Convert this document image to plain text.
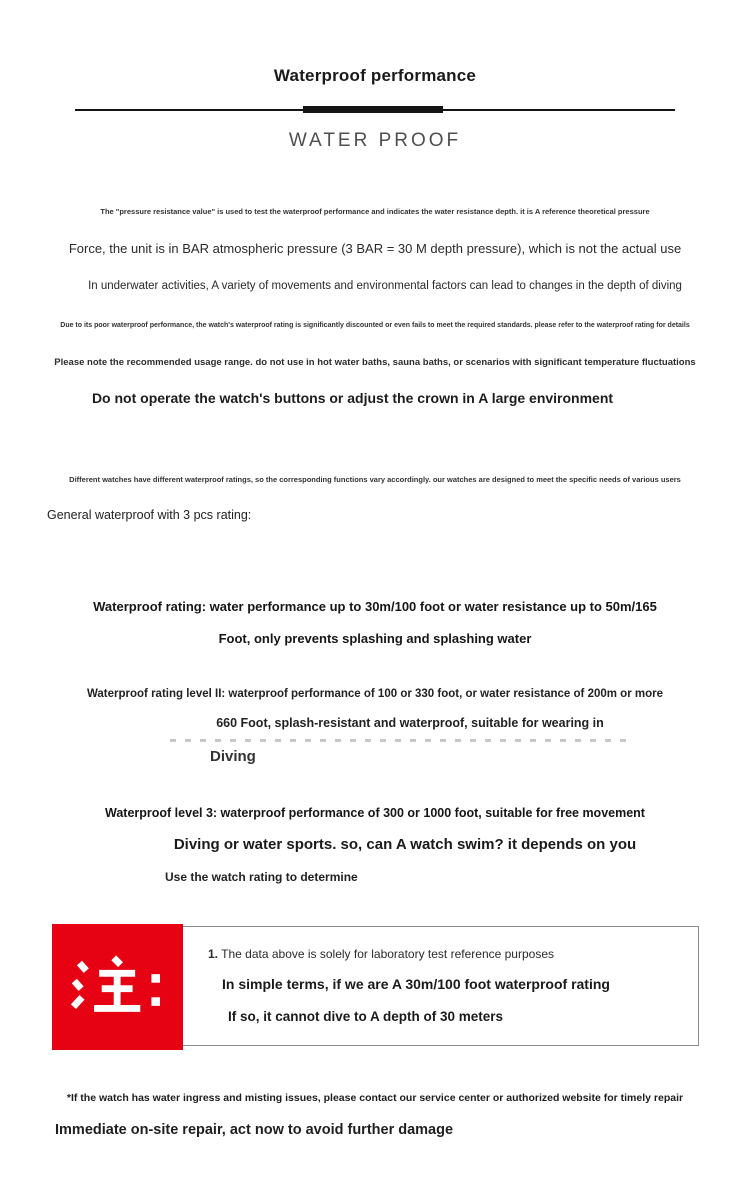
Waterproof performance
WATER PROOF
The "pressure resistance value" is used to test the waterproof performance and indicates the water resistance depth. it is A reference theoretical pressure
Force, the unit is in BAR atmospheric pressure (3 BAR = 30 M depth pressure), which is not the actual use
In underwater activities, A variety of movements and environmental factors can lead to changes in the depth of diving
Due to its poor waterproof performance, the watch's waterproof rating is significantly discounted or even fails to meet the required standards. please refer to the waterproof rating for details
Please note the recommended usage range. do not use in hot water baths, sauna baths, or scenarios with significant temperature fluctuations
Do not operate the watch's buttons or adjust the crown in A large environment
Different watches have different waterproof ratings, so the corresponding functions vary accordingly. our watches are designed to meet the specific needs of various users
General waterproof with 3 pcs rating:
Waterproof rating: water performance up to 30m/100 foot or water resistance up to 50m/165
Foot, only prevents splashing and splashing water
Waterproof rating level II: waterproof performance of 100 or 330 foot, or water resistance of 200m or more
660 Foot, splash-resistant and waterproof, suitable for wearing in
Diving
Waterproof level 3: waterproof performance of 300 or 1000 foot, suitable for free movement
Diving or water sports. so, can A watch swim? it depends on you
Use the watch rating to determine
1. The data above is solely for laboratory test reference purposes
In simple terms, if we are A 30m/100 foot waterproof rating
If so, it cannot dive to A depth of 30 meters
*If the watch has water ingress and misting issues, please contact our service center or authorized website for timely repair
Immediate on-site repair, act now to avoid further damage
